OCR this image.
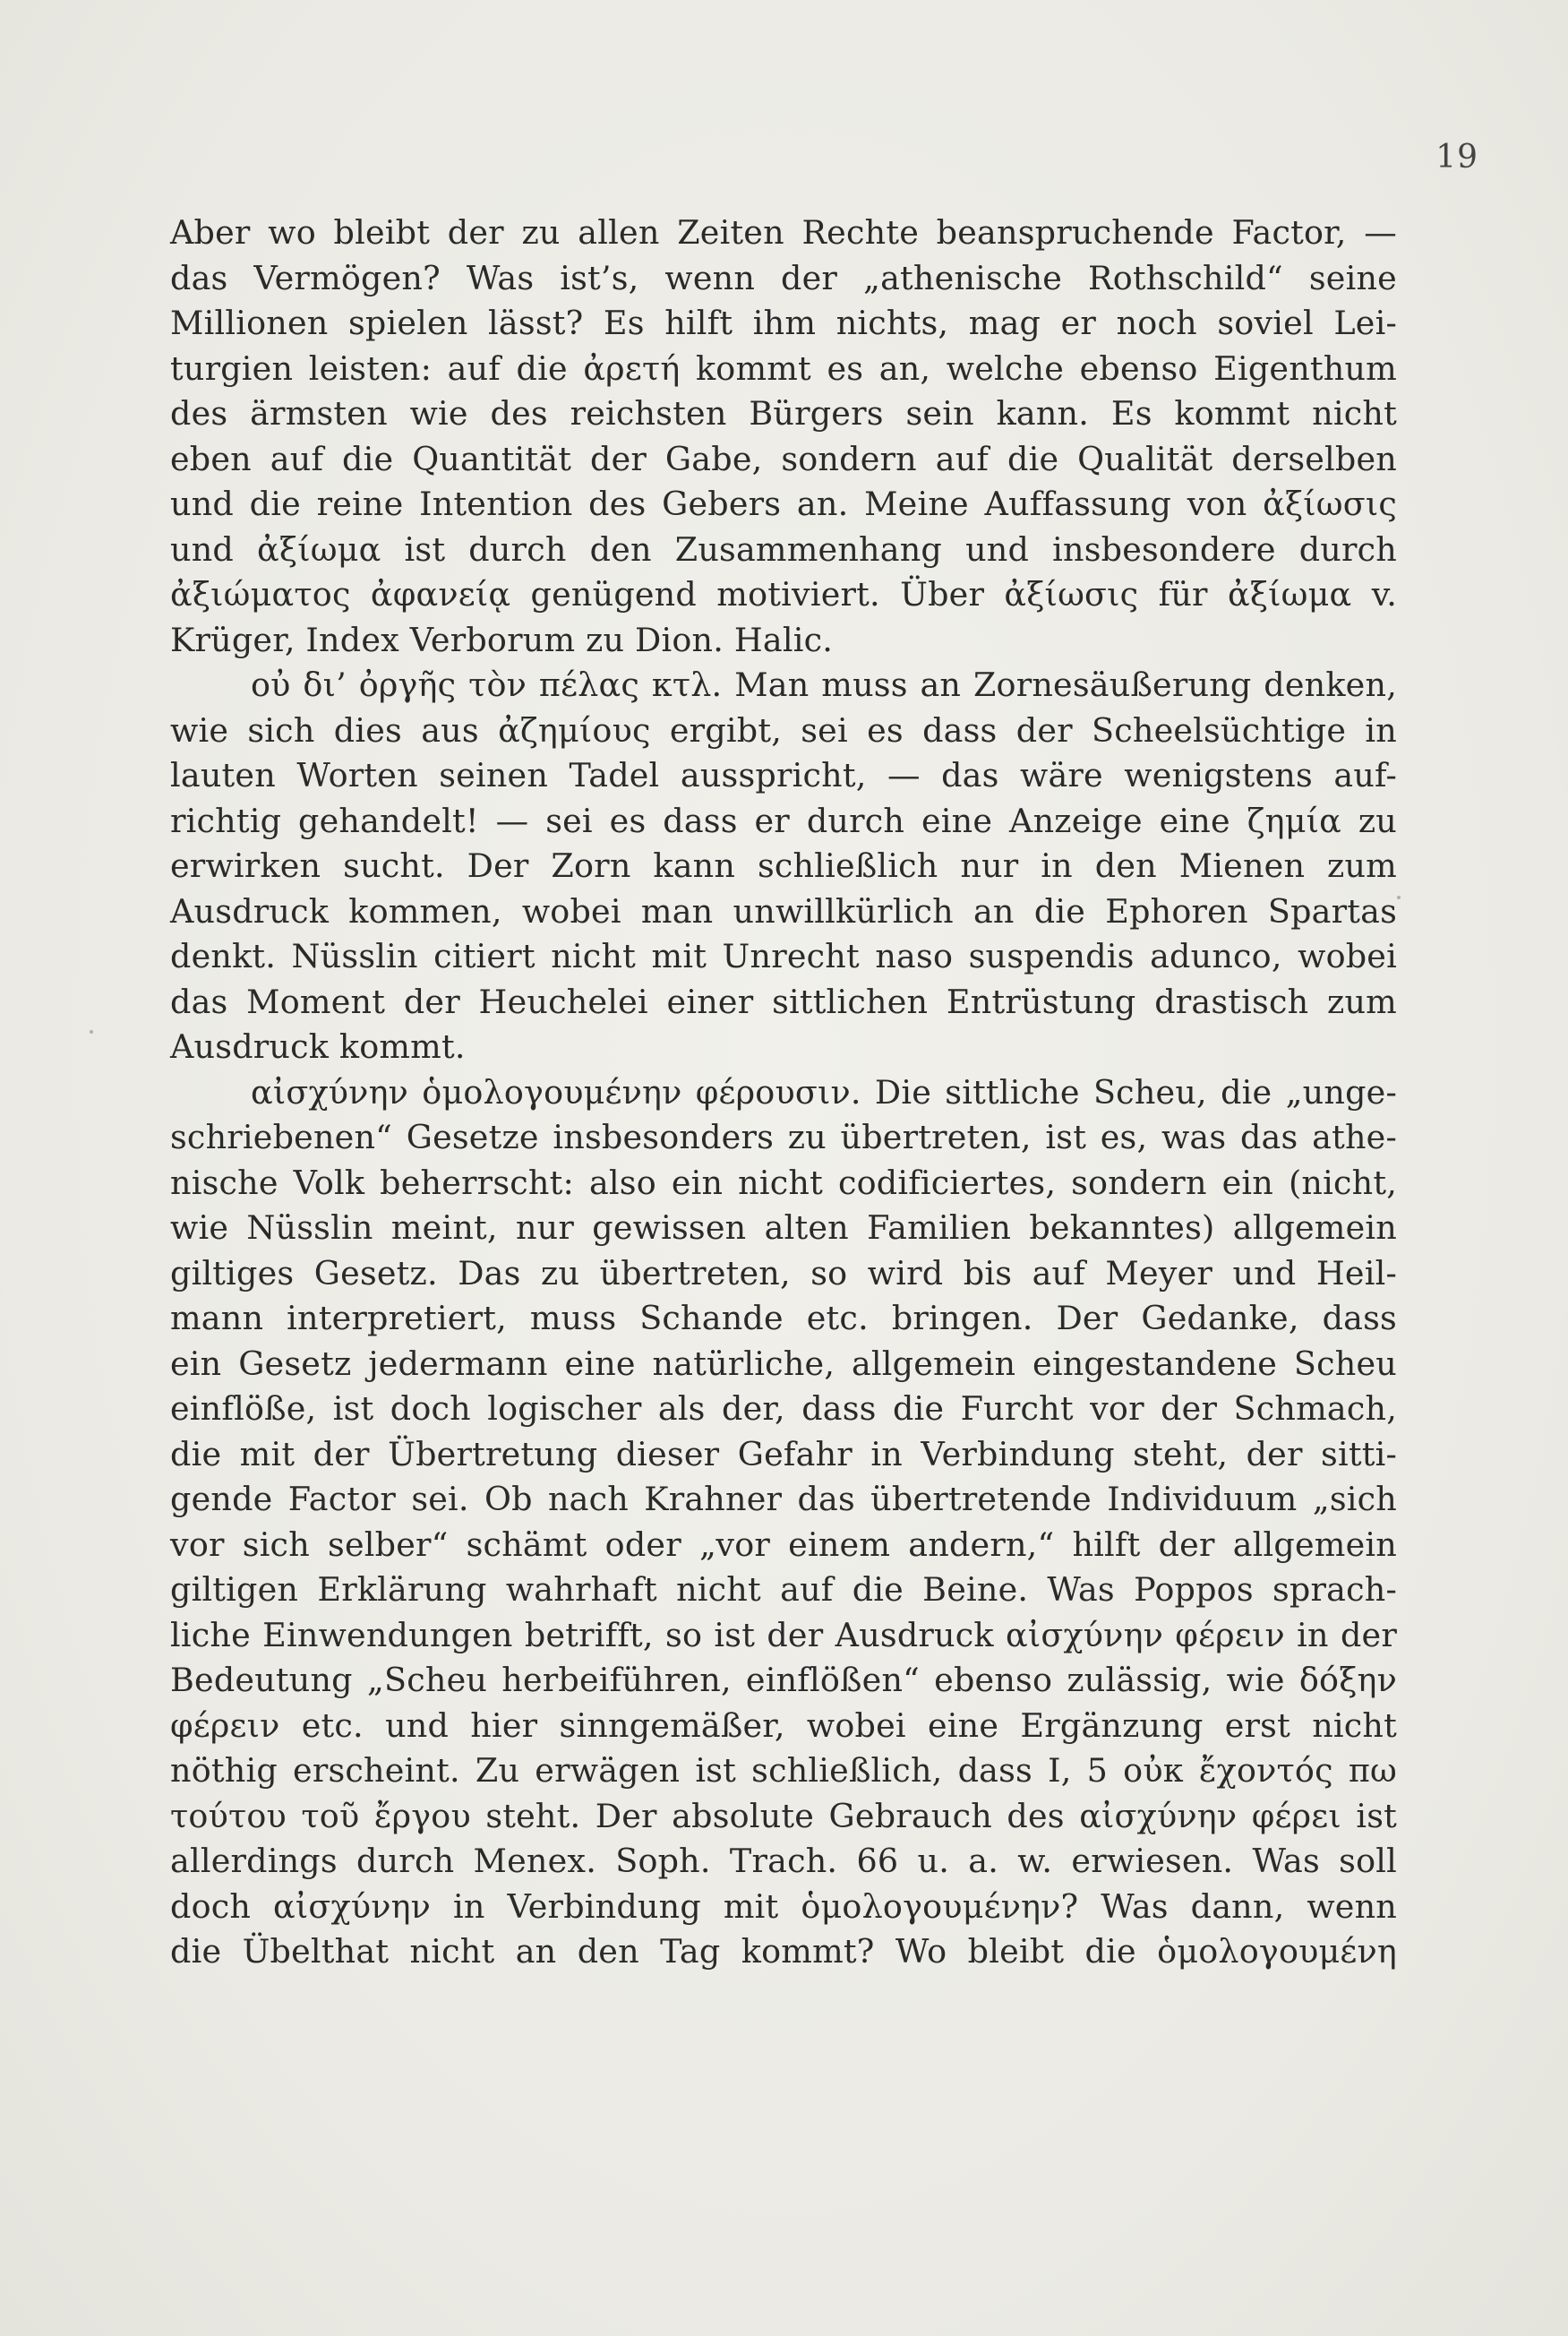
19
Aber wo bleibt der zu allen Zeiten Rechte beanspruchende Factor, —
das Vermögen? Was ist’s, wenn der „athenische Rothschild“ seine
Millionen spielen lässt? Es hilft ihm nichts, mag er noch soviel Lei-
turgien leisten: auf die ἀρετή kommt es an, welche ebenso Eigenthum
des ärmsten wie des reichsten Bürgers sein kann. Es kommt nicht
eben auf die Quantität der Gabe, sondern auf die Qualität derselben
und die reine Intention des Gebers an. Meine Auffassung von ἀξίωσις
und ἀξίωμα ist durch den Zusammenhang und insbesondere durch
ἀξιώματος ἀφανείᾳ genügend motiviert. Über ἀξίωσις für ἀξίωμα v.
Krüger, Index Verborum zu Dion. Halic.
οὐ δι’ ὀργῆς τὸν πέλας κτλ. Man muss an Zornesäußerung denken,
wie sich dies aus ἀζημίους ergibt, sei es dass der Scheelsüchtige in
lauten Worten seinen Tadel ausspricht, — das wäre wenigstens auf-
richtig gehandelt! — sei es dass er durch eine Anzeige eine ζημία zu
erwirken sucht. Der Zorn kann schließlich nur in den Mienen zum
Ausdruck kommen, wobei man unwillkürlich an die Ephoren Spartas
denkt. Nüsslin citiert nicht mit Unrecht naso suspendis adunco, wobei
das Moment der Heuchelei einer sittlichen Entrüstung drastisch zum
Ausdruck kommt.
αἰσχύνην ὁμολογουμένην φέρουσιν. Die sittliche Scheu, die „unge-
schriebenen“ Gesetze insbesonders zu übertreten, ist es, was das athe-
nische Volk beherrscht: also ein nicht codificiertes, sondern ein (nicht,
wie Nüsslin meint, nur gewissen alten Familien bekanntes) allgemein
giltiges Gesetz. Das zu übertreten, so wird bis auf Meyer und Heil-
mann interpretiert, muss Schande etc. bringen. Der Gedanke, dass
ein Gesetz jedermann eine natürliche, allgemein eingestandene Scheu
einflöße, ist doch logischer als der, dass die Furcht vor der Schmach,
die mit der Übertretung dieser Gefahr in Verbindung steht, der sitti-
gende Factor sei. Ob nach Krahner das übertretende Individuum „sich
vor sich selber“ schämt oder „vor einem andern,“ hilft der allgemein
giltigen Erklärung wahrhaft nicht auf die Beine. Was Poppos sprach-
liche Einwendungen betrifft, so ist der Ausdruck αἰσχύνην φέρειν in der
Bedeutung „Scheu herbeiführen, einflößen“ ebenso zulässig, wie δόξην
φέρειν etc. und hier sinngemäßer, wobei eine Ergänzung erst nicht
nöthig erscheint. Zu erwägen ist schließlich, dass I, 5 οὐκ ἔχοντός πω
τούτου τοῦ ἔργου steht. Der absolute Gebrauch des αἰσχύνην φέρει ist
allerdings durch Menex. Soph. Trach. 66 u. a. w. erwiesen. Was soll
doch αἰσχύνην in Verbindung mit ὁμολογουμένην? Was dann, wenn
die Übelthat nicht an den Tag kommt? Wo bleibt die ὁμολογουμένη
